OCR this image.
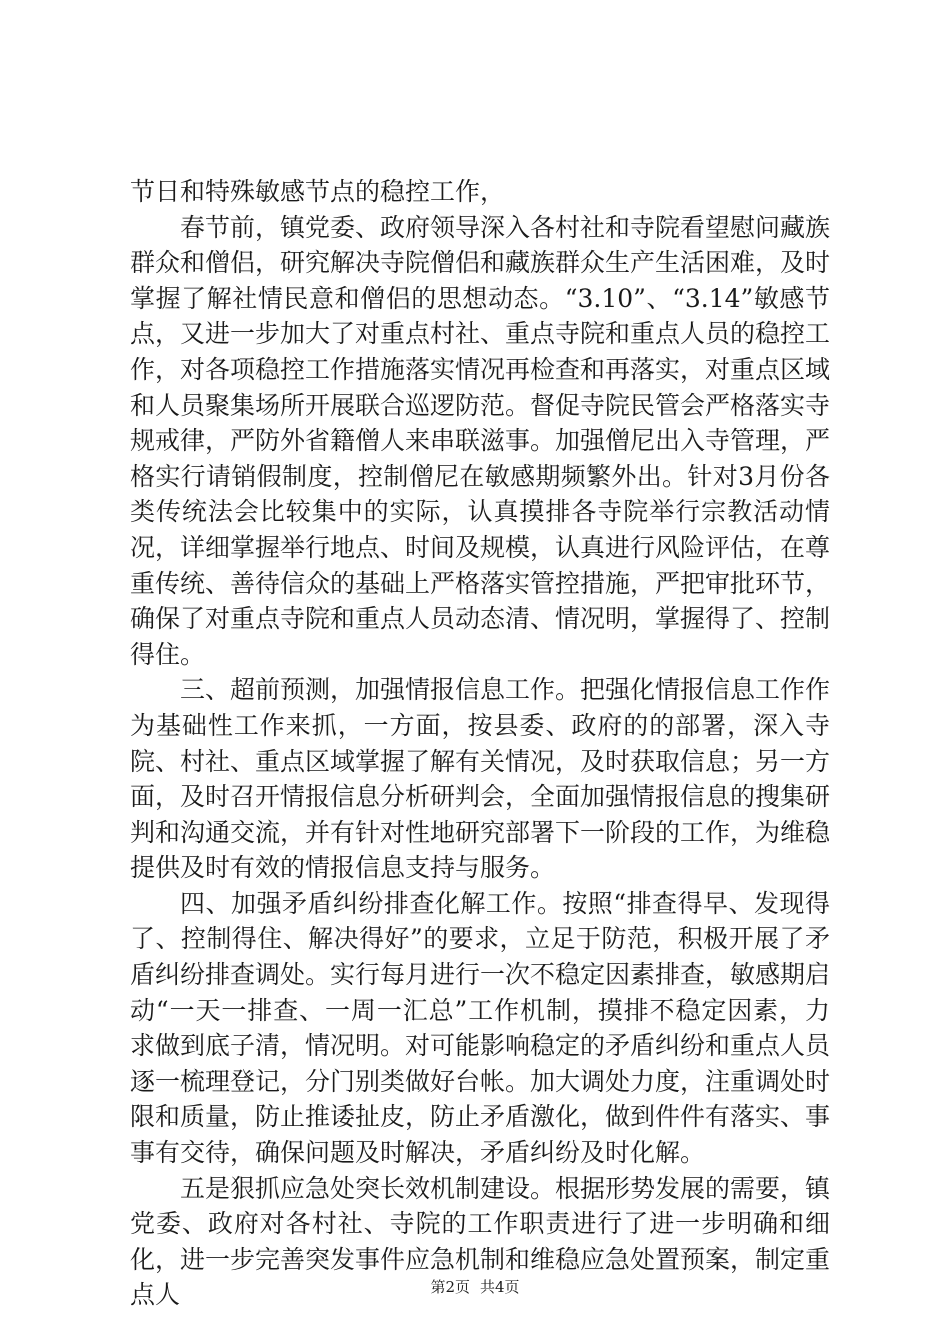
节日和特殊敏感节点的稳控工作，

春节前，镇党委、政府领导深入各村社和寺院看望慰问藏族群众和僧侣，研究解决寺院僧侣和藏族群众生产生活困难，及时掌握了解社情民意和僧侣的思想动态。“3.10”、“3.14”敏感节点，又进一步加大了对重点村社、重点寺院和重点人员的稳控工作，对各项稳控工作措施落实情况再检查和再落实，对重点区域和人员聚集场所开展联合巡逻防范。督促寺院民管会严格落实寺规戒律，严防外省籍僧人来串联滋事。加强僧尼出入寺管理，严格实行请销假制度，控制僧尼在敏感期频繁外出。针对3月份各类传统法会比较集中的实际，认真摸排各寺院举行宗教活动情况，详细掌握举行地点、时间及规模，认真进行风险评估，在尊重传统、善待信众的基础上严格落实管控措施，严把审批环节，确保了对重点寺院和重点人员动态清、情况明，掌握得了、控制得住。

三、超前预测，加强情报信息工作。把强化情报信息工作作为基础性工作来抓，一方面，按县委、政府的的部署，深入寺院、村社、重点区域掌握了解有关情况，及时获取信息；另一方面，及时召开情报信息分析研判会，全面加强情报信息的搜集研判和沟通交流，并有针对性地研究部署下一阶段的工作，为维稳提供及时有效的情报信息支持与服务。

四、加强矛盾纠纷排查化解工作。按照“排查得早、发现得了、控制得住、解决得好”的要求，立足于防范，积极开展了矛盾纠纷排查调处。实行每月进行一次不稳定因素排查，敏感期启动“一天一排查、一周一汇总”工作机制，摸排不稳定因素，力求做到底子清，情况明。对可能影响稳定的矛盾纠纷和重点人员逐一梳理登记，分门别类做好台帐。加大调处力度，注重调处时限和质量，防止推诿扯皮，防止矛盾激化，做到件件有落实、事事有交待，确保问题及时解决，矛盾纠纷及时化解。

五是狠抓应急处突长效机制建设。根据形势发展的需要，镇党委、政府对各村社、寺院的工作职责进行了进一步明确和细化，进一步完善突发事件应急机制和维稳应急处置预案，制定重点人	第2页 共4页
